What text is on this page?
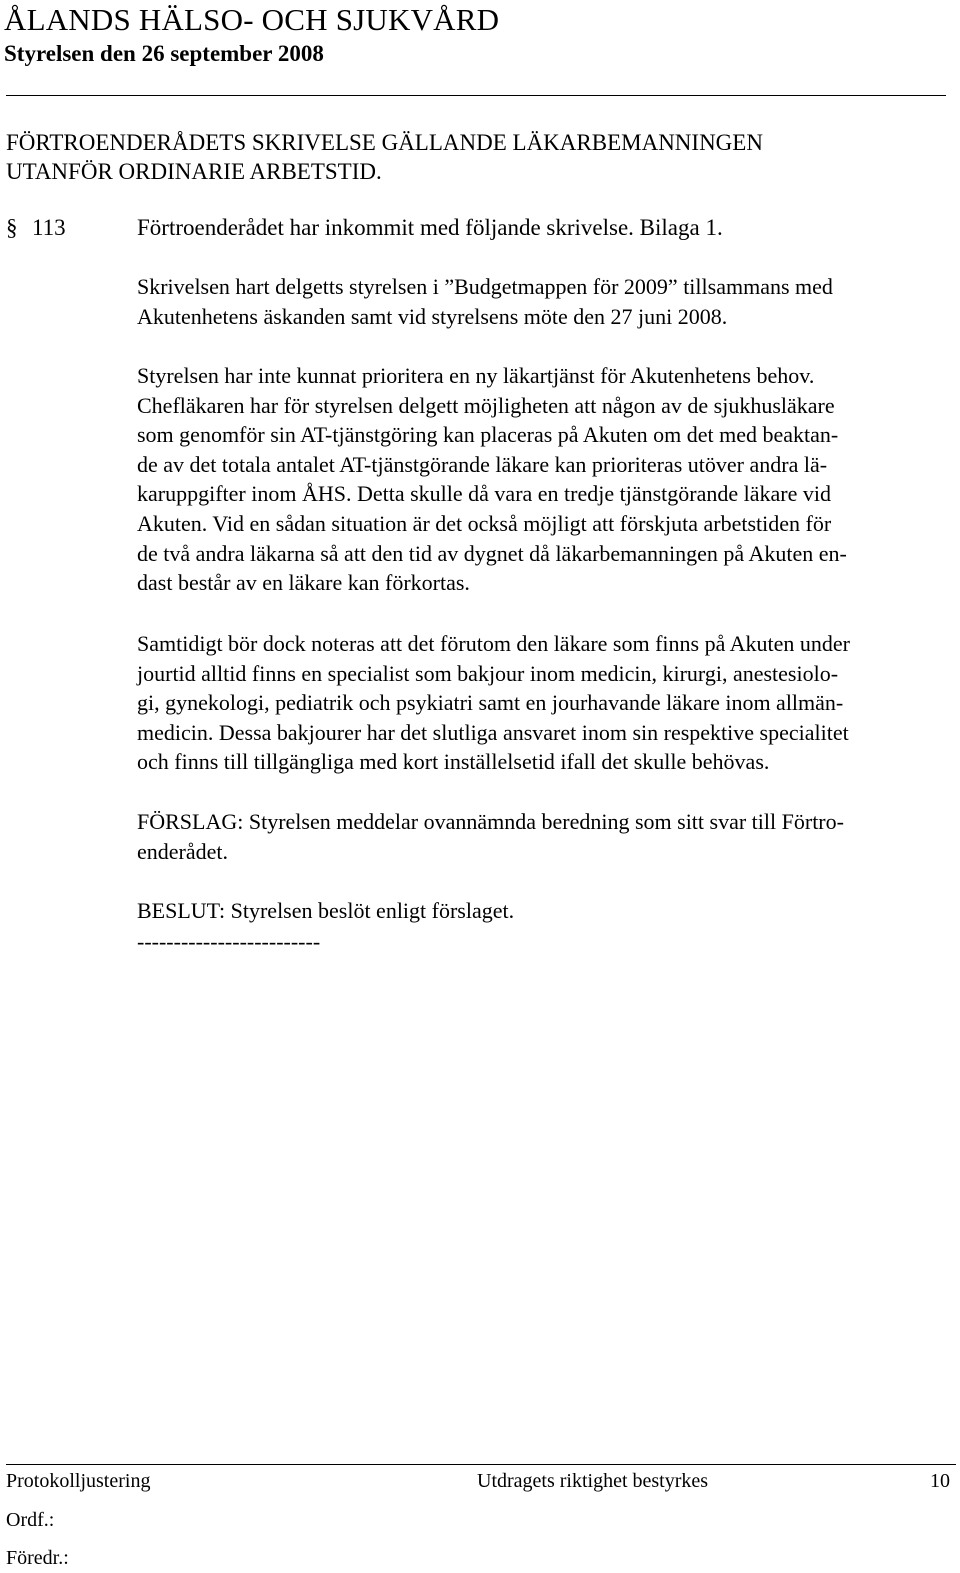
ÅLANDS HÄLSO- OCH SJUKVÅRD
Styrelsen den 26 september 2008
FÖRTROENDERÅDETS SKRIVELSE GÄLLANDE LÄKARBEMANNINGEN
UTANFÖR ORDINARIE ARBETSTID.
§ 113	Förtroenderådet har inkommit med följande skrivelse. Bilaga 1.
Skrivelsen hart delgetts styrelsen i ”Budgetmappen för 2009” tillsammans med
Akutenhetens äskanden samt vid styrelsens möte den 27 juni 2008.
Styrelsen har inte kunnat prioritera en ny läkartjänst för Akutenhetens behov.
Chefläkaren har för styrelsen delgett möjligheten att någon av de sjukhusläkare
som genomför sin AT-tjänstgöring kan placeras på Akuten om det med beaktan-
de av det totala antalet AT-tjänstgörande läkare kan prioriteras utöver andra lä-
karuppgifter inom ÅHS. Detta skulle då vara en tredje tjänstgörande läkare vid
Akuten. Vid en sådan situation är det också möjligt att förskjuta arbetstiden för
de två andra läkarna så att den tid av dygnet då läkarbemanningen på Akuten en-
dast består av en läkare kan förkortas.
Samtidigt bör dock noteras att det förutom den läkare som finns på Akuten under
jourtid alltid finns en specialist som bakjour inom medicin, kirurgi, anestesiolo-
gi, gynekologi, pediatrik och psykiatri samt en jourhavande läkare inom allmän-
medicin. Dessa bakjourer har det slutliga ansvaret inom sin respektive specialitet
och finns till tillgängliga med kort inställelsetid ifall det skulle behövas.
FÖRSLAG: Styrelsen meddelar ovannämnda beredning som sitt svar till Förtro-
enderådet.
BESLUT: Styrelsen beslöt enligt förslaget.
-------------------------
Protokolljustering	Utdragets riktighet bestyrkes	10
Ordf.:
Föredr.:
